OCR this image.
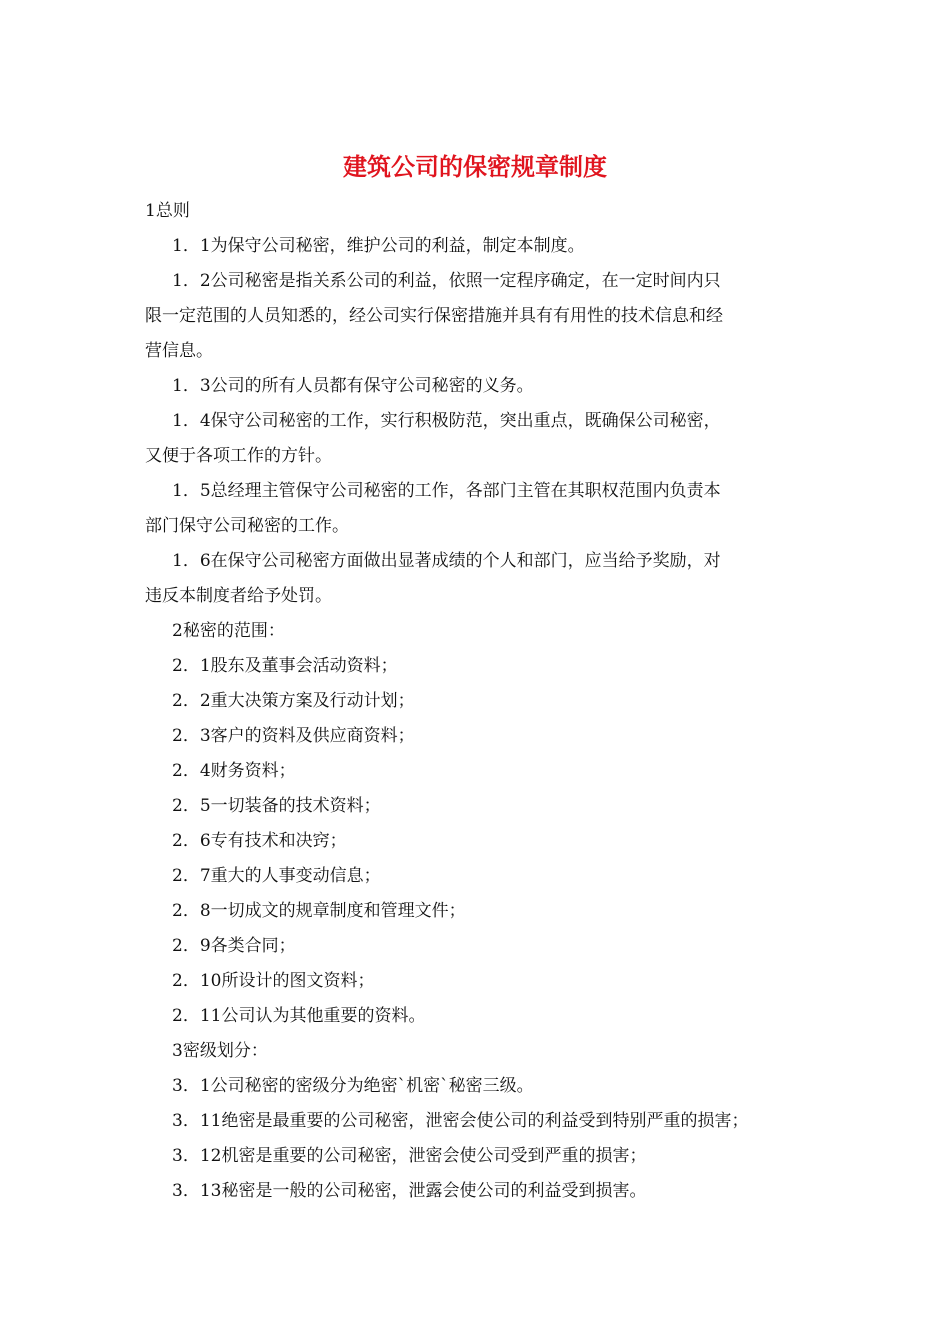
建筑公司的保密规章制度

1总则

1．1为保守公司秘密，维护公司的利益，制定本制度。

1．2公司秘密是指关系公司的利益，依照一定程序确定，在一定时间内只

限一定范围的人员知悉的，经公司实行保密措施并具有有用性的技术信息和经

营信息。

1．3公司的所有人员都有保守公司秘密的义务。

1．4保守公司秘密的工作，实行积极防范，突出重点，既确保公司秘密，

又便于各项工作的方针。

1．5总经理主管保守公司秘密的工作，各部门主管在其职权范围内负责本

部门保守公司秘密的工作。

1．6在保守公司秘密方面做出显著成绩的个人和部门，应当给予奖励，对

违反本制度者给予处罚。

2秘密的范围：

2．1股东及董事会活动资料；

2．2重大决策方案及行动计划；

2．3客户的资料及供应商资料；

2．4财务资料；

2．5一切装备的技术资料；

2．6专有技术和决窍；

2．7重大的人事变动信息；

2．8一切成文的规章制度和管理文件；

2．9各类合同；

2．10所设计的图文资料；

2．11公司认为其他重要的资料。

3密级划分：

3．1公司秘密的密级分为绝密`机密`秘密三级。

3．11绝密是最重要的公司秘密，泄密会使公司的利益受到特别严重的损害；

3．12机密是重要的公司秘密，泄密会使公司受到严重的损害；

3．13秘密是一般的公司秘密，泄露会使公司的利益受到损害。
